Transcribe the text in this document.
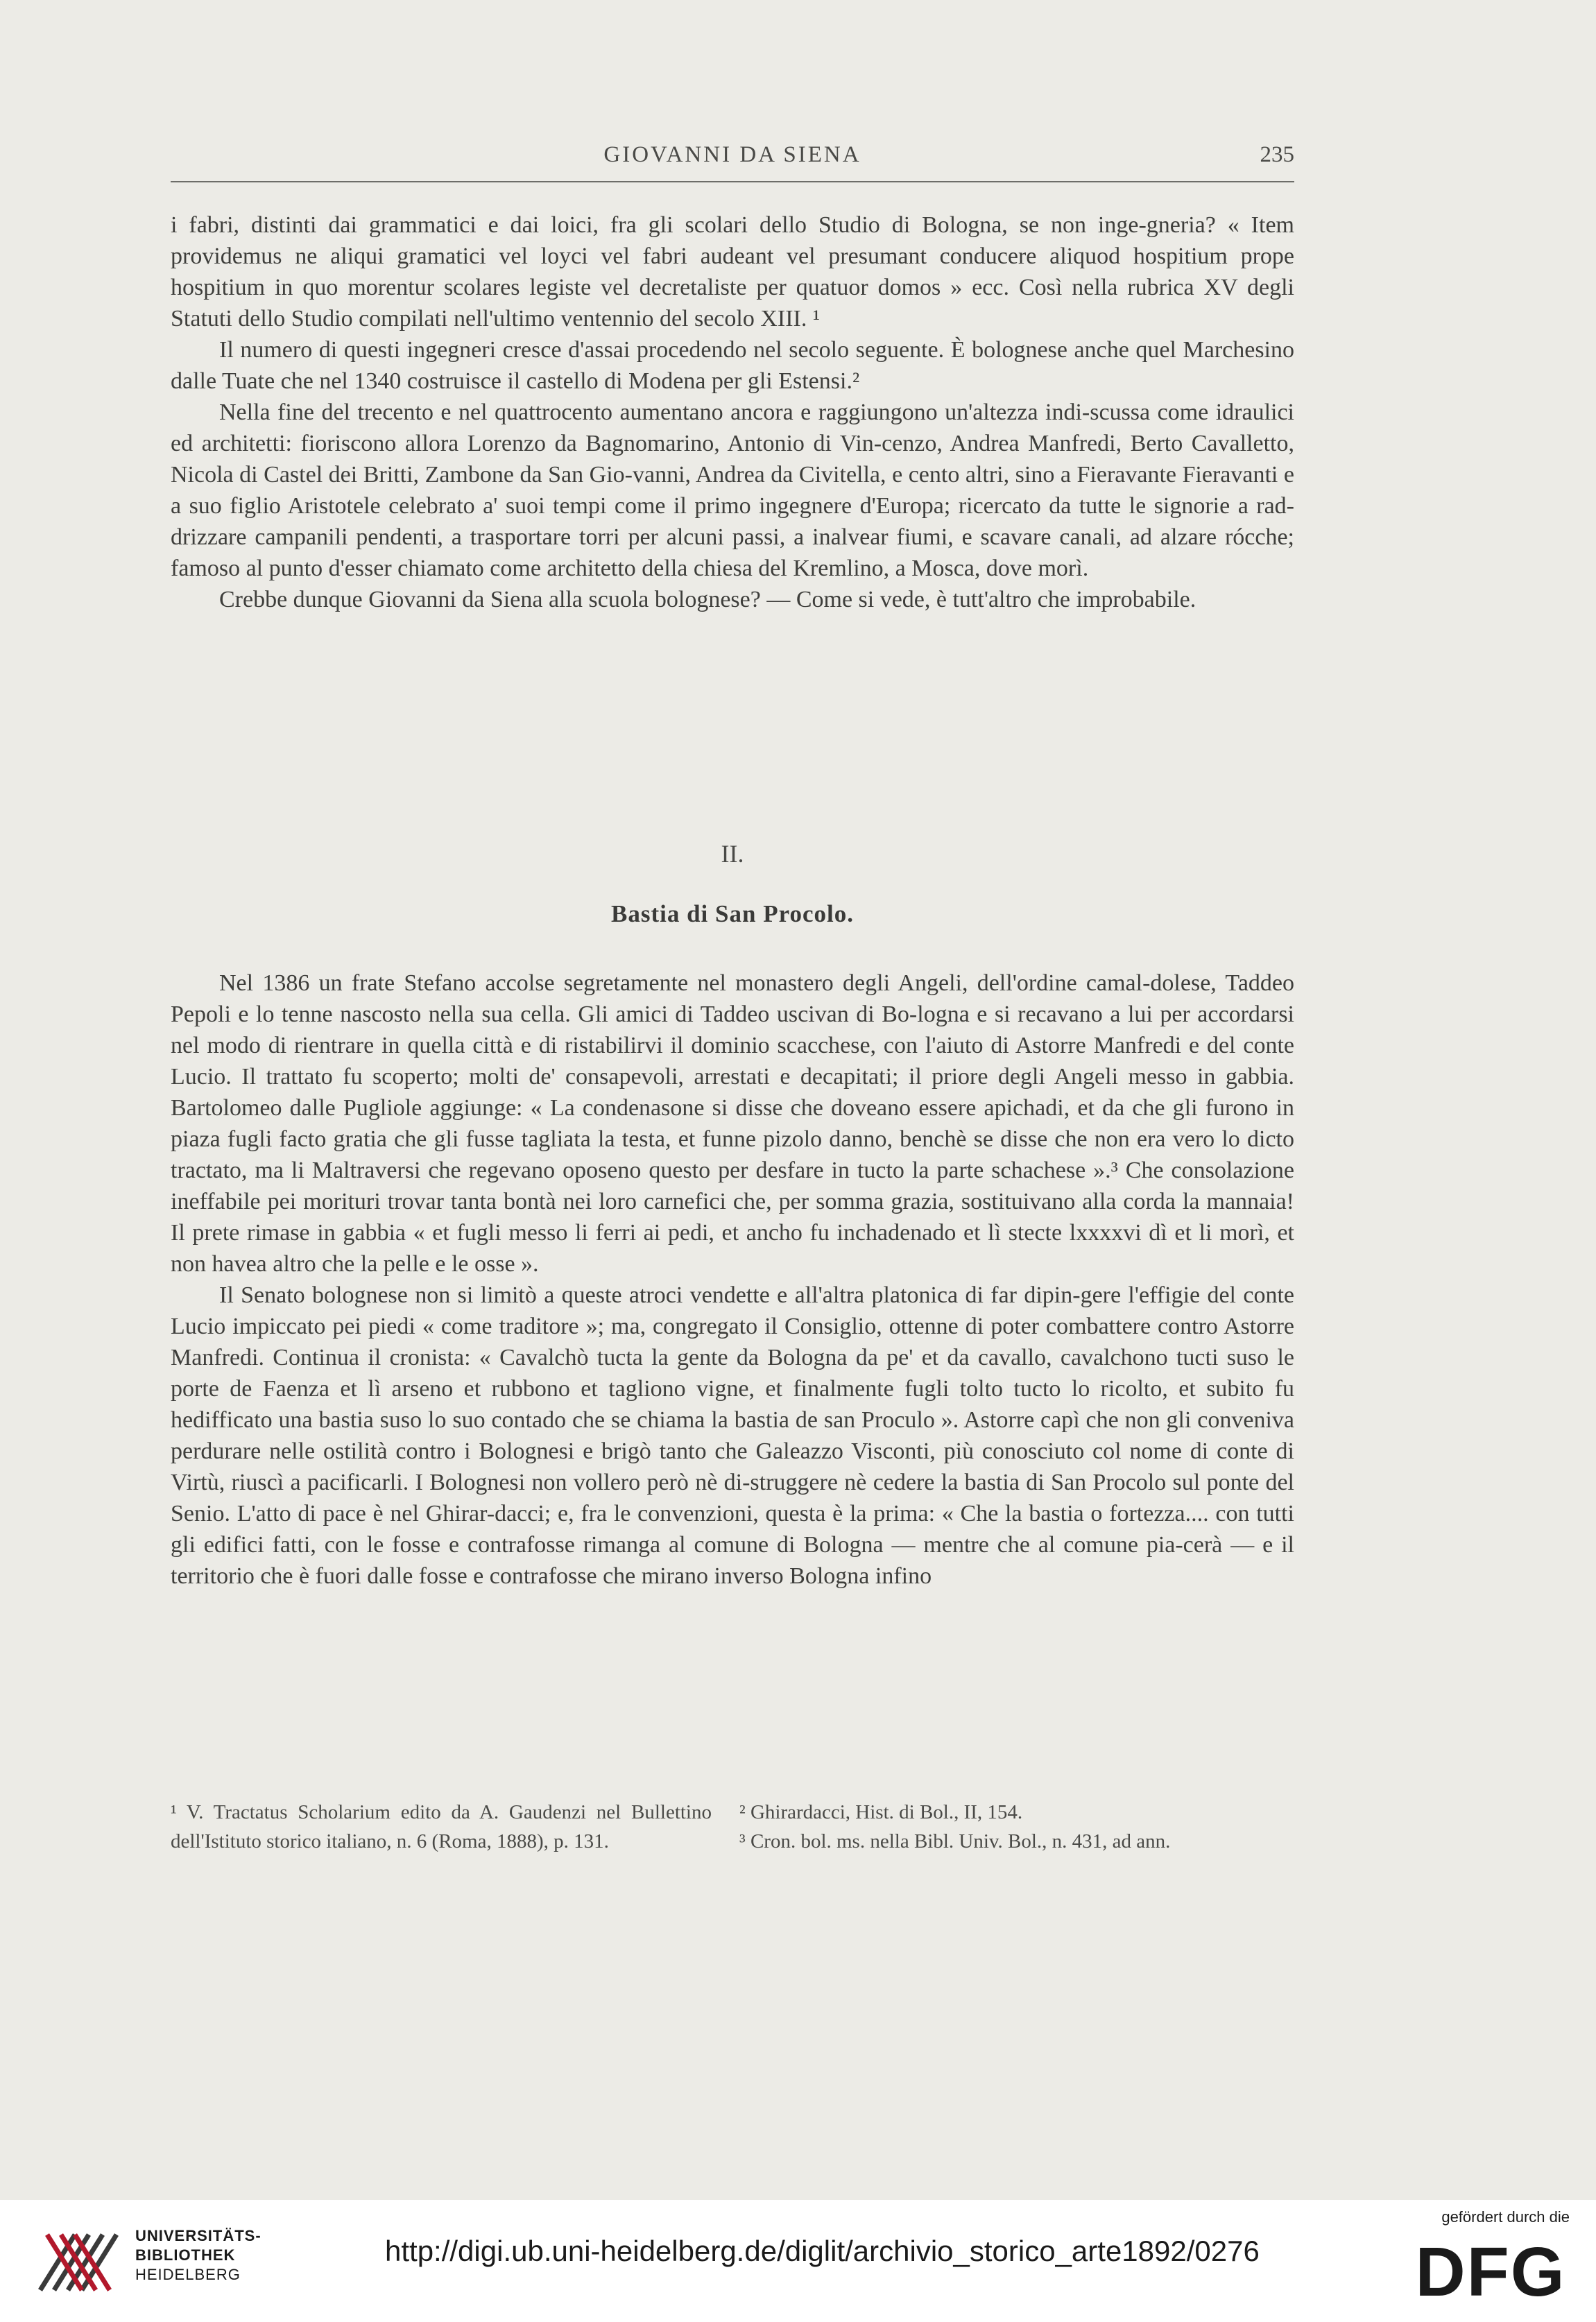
GIOVANNI DA SIENA	235

i fabri, distinti dai grammatici e dai loici, fra gli scolari dello Studio di Bologna, se non inge-gneria? « Item providemus ne aliqui gramatici vel loyci vel fabri audeant vel presumant conducere aliquod hospitium prope hospitium in quo morentur scolares legiste vel decretaliste per quatuor domos » ecc. Così nella rubrica XV degli Statuti dello Studio compilati nell'ultimo ventennio del secolo XIII. ¹

Il numero di questi ingegneri cresce d'assai procedendo nel secolo seguente. È bolognese anche quel Marchesino dalle Tuate che nel 1340 costruisce il castello di Modena per gli Estensi.²

Nella fine del trecento e nel quattrocento aumentano ancora e raggiungono un'altezza indi-scussa come idraulici ed architetti: fioriscono allora Lorenzo da Bagnomarino, Antonio di Vin-cenzo, Andrea Manfredi, Berto Cavalletto, Nicola di Castel dei Britti, Zambone da San Gio-vanni, Andrea da Civitella, e cento altri, sino a Fieravante Fieravanti e a suo figlio Aristotele celebrato a' suoi tempi come il primo ingegnere d'Europa; ricercato da tutte le signorie a rad-drizzare campanili pendenti, a trasportare torri per alcuni passi, a inalvear fiumi, e scavare canali, ad alzare rócche; famoso al punto d'esser chiamato come architetto della chiesa del Kremlino, a Mosca, dove morì.

Crebbe dunque Giovanni da Siena alla scuola bolognese? — Come si vede, è tutt'altro che improbabile.

II.
Bastia di San Procolo.

Nel 1386 un frate Stefano accolse segretamente nel monastero degli Angeli, dell'ordine camal-dolese, Taddeo Pepoli e lo tenne nascosto nella sua cella. Gli amici di Taddeo uscivan di Bo-logna e si recavano a lui per accordarsi nel modo di rientrare in quella città e di ristabilirvi il dominio scacchese, con l'aiuto di Astorre Manfredi e del conte Lucio. Il trattato fu scoperto; molti de' consapevoli, arrestati e decapitati; il priore degli Angeli messo in gabbia. Bartolomeo dalle Pugliole aggiunge: « La condenasone si disse che doveano essere apichadi, et da che gli furono in piaza fugli facto gratia che gli fusse tagliata la testa, et funne pizolo danno, benchè se disse che non era vero lo dicto tractato, ma li Maltraversi che regevano oposeno questo per desfare in tucto la parte schachese ».³ Che consolazione ineffabile pei morituri trovar tanta bontà nei loro carnefici che, per somma grazia, sostituivano alla corda la mannaia! Il prete rimase in gabbia « et fugli messo li ferri ai pedi, et ancho fu inchadenado et lì stecte lxxxxvi dì et li morì, et non havea altro che la pelle e le osse ».

Il Senato bolognese non si limitò a queste atroci vendette e all'altra platonica di far dipin-gere l'effigie del conte Lucio impiccato pei piedi « come traditore »; ma, congregato il Consiglio, ottenne di poter combattere contro Astorre Manfredi. Continua il cronista: « Cavalchò tucta la gente da Bologna da pe' et da cavallo, cavalchono tucti suso le porte de Faenza et lì arseno et rubbono et tagliono vigne, et finalmente fugli tolto tucto lo ricolto, et subito fu hedifficato una bastia suso lo suo contado che se chiama la bastia de san Proculo ». Astorre capì che non gli conveniva perdurare nelle ostilità contro i Bolognesi e brigò tanto che Galeazzo Visconti, più conosciuto col nome di conte di Virtù, riuscì a pacificarli. I Bolognesi non vollero però nè di-struggere nè cedere la bastia di San Procolo sul ponte del Senio. L'atto di pace è nel Ghirar-dacci; e, fra le convenzioni, questa è la prima: « Che la bastia o fortezza.... con tutti gli edifici fatti, con le fosse e contrafosse rimanga al comune di Bologna — mentre che al comune pia-cerà — e il territorio che è fuori dalle fosse e contrafosse che mirano inverso Bologna infino

¹ V. Tractatus Scholarium edito da A. Gaudenzi nel Bullettino dell'Istituto storico italiano, n. 6 (Roma, 1888), p. 131.

² Ghirardacci, Hist. di Bol., II, 154.

³ Cron. bol. ms. nella Bibl. Univ. Bol., n. 431, ad ann.

UNIVERSITÄTS-
BIBLIOTHEK
HEIDELBERG
http://digi.ub.uni-heidelberg.de/diglit/archivio_storico_arte1892/0276
gefördert durch die
DFG
